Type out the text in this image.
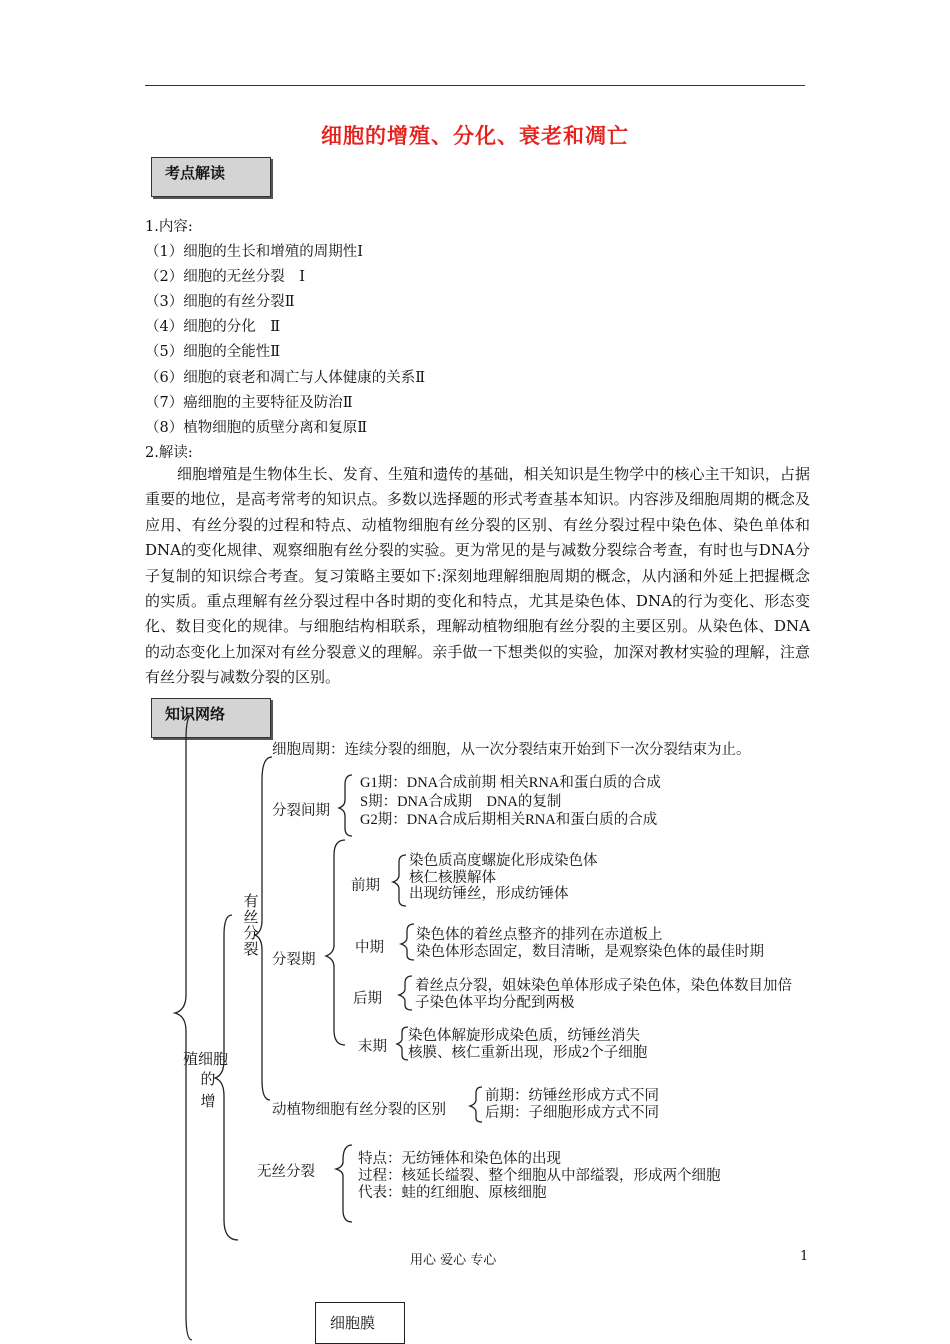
细胞的增殖、分化、衰老和凋亡
考点解读
1.内容:
（1）细胞的生长和增殖的周期性Ⅰ
（2）细胞的无丝分裂　Ⅰ
（3）细胞的有丝分裂Ⅱ
（4）细胞的分化　Ⅱ
（5）细胞的全能性Ⅱ
（6）细胞的衰老和凋亡与人体健康的关系Ⅱ
（7）癌细胞的主要特征及防治Ⅱ
（8）植物细胞的质壁分离和复原Ⅱ
2.解读:
细胞增殖是生物体生长、发育、生殖和遗传的基础，相关知识是生物学中的核心主干知识，占据重要的地位，是高考常考的知识点。多数以选择题的形式考查基本知识。内容涉及细胞周期的概念及应用、有丝分裂的过程和特点、动植物细胞有丝分裂的区别、有丝分裂过程中染色体、染色单体和DNA的变化规律、观察细胞有丝分裂的实验。更为常见的是与减数分裂综合考查，有时也与DNA分子复制的知识综合考查。复习策略主要如下:深刻地理解细胞周期的概念，从内涵和外延上把握概念的实质。重点理解有丝分裂过程中各时期的变化和特点，尤其是染色体、DNA的行为变化、形态变化、数目变化的规律。与细胞结构相联系，理解动植物细胞有丝分裂的主要区别。从染色体、DNA的动态变化上加深对有丝分裂意义的理解。亲手做一下想类似的实验，加深对教材实验的理解，注意有丝分裂与减数分裂的区别。
知识网络
细胞周期：连续分裂的细胞，从一次分裂结束开始到下一次分裂结束为止。
分裂间期
G1期：DNA合成前期 相关RNA和蛋白质的合成
S期：DNA合成期　DNA的复制
G2期：DNA合成后期相关RNA和蛋白质的合成
有丝分裂
分裂期
前期
染色质高度螺旋化形成染色体
核仁核膜解体
出现纺锤丝，形成纺锤体
中期
染色体的着丝点整齐的排列在赤道板上
染色体形态固定，数目清晰，是观察染色体的最佳时期
后期
着丝点分裂，姐妹染色单体形成子染色体，染色体数目加倍
子染色体平均分配到两极
末期
染色体解旋形成染色质，纺锤丝消失
核膜、核仁重新出现，形成2个子细胞
动植物细胞有丝分裂的区别
前期：纺锤丝形成方式不同
后期：子细胞形成方式不同
无丝分裂
特点：无纺锤体和染色体的出现
过程：核延长缢裂、整个细胞从中部缢裂，形成两个细胞
代表：蛙的红细胞、原核细胞
殖细胞
的增
用心 爱心 专心	1
细胞膜
